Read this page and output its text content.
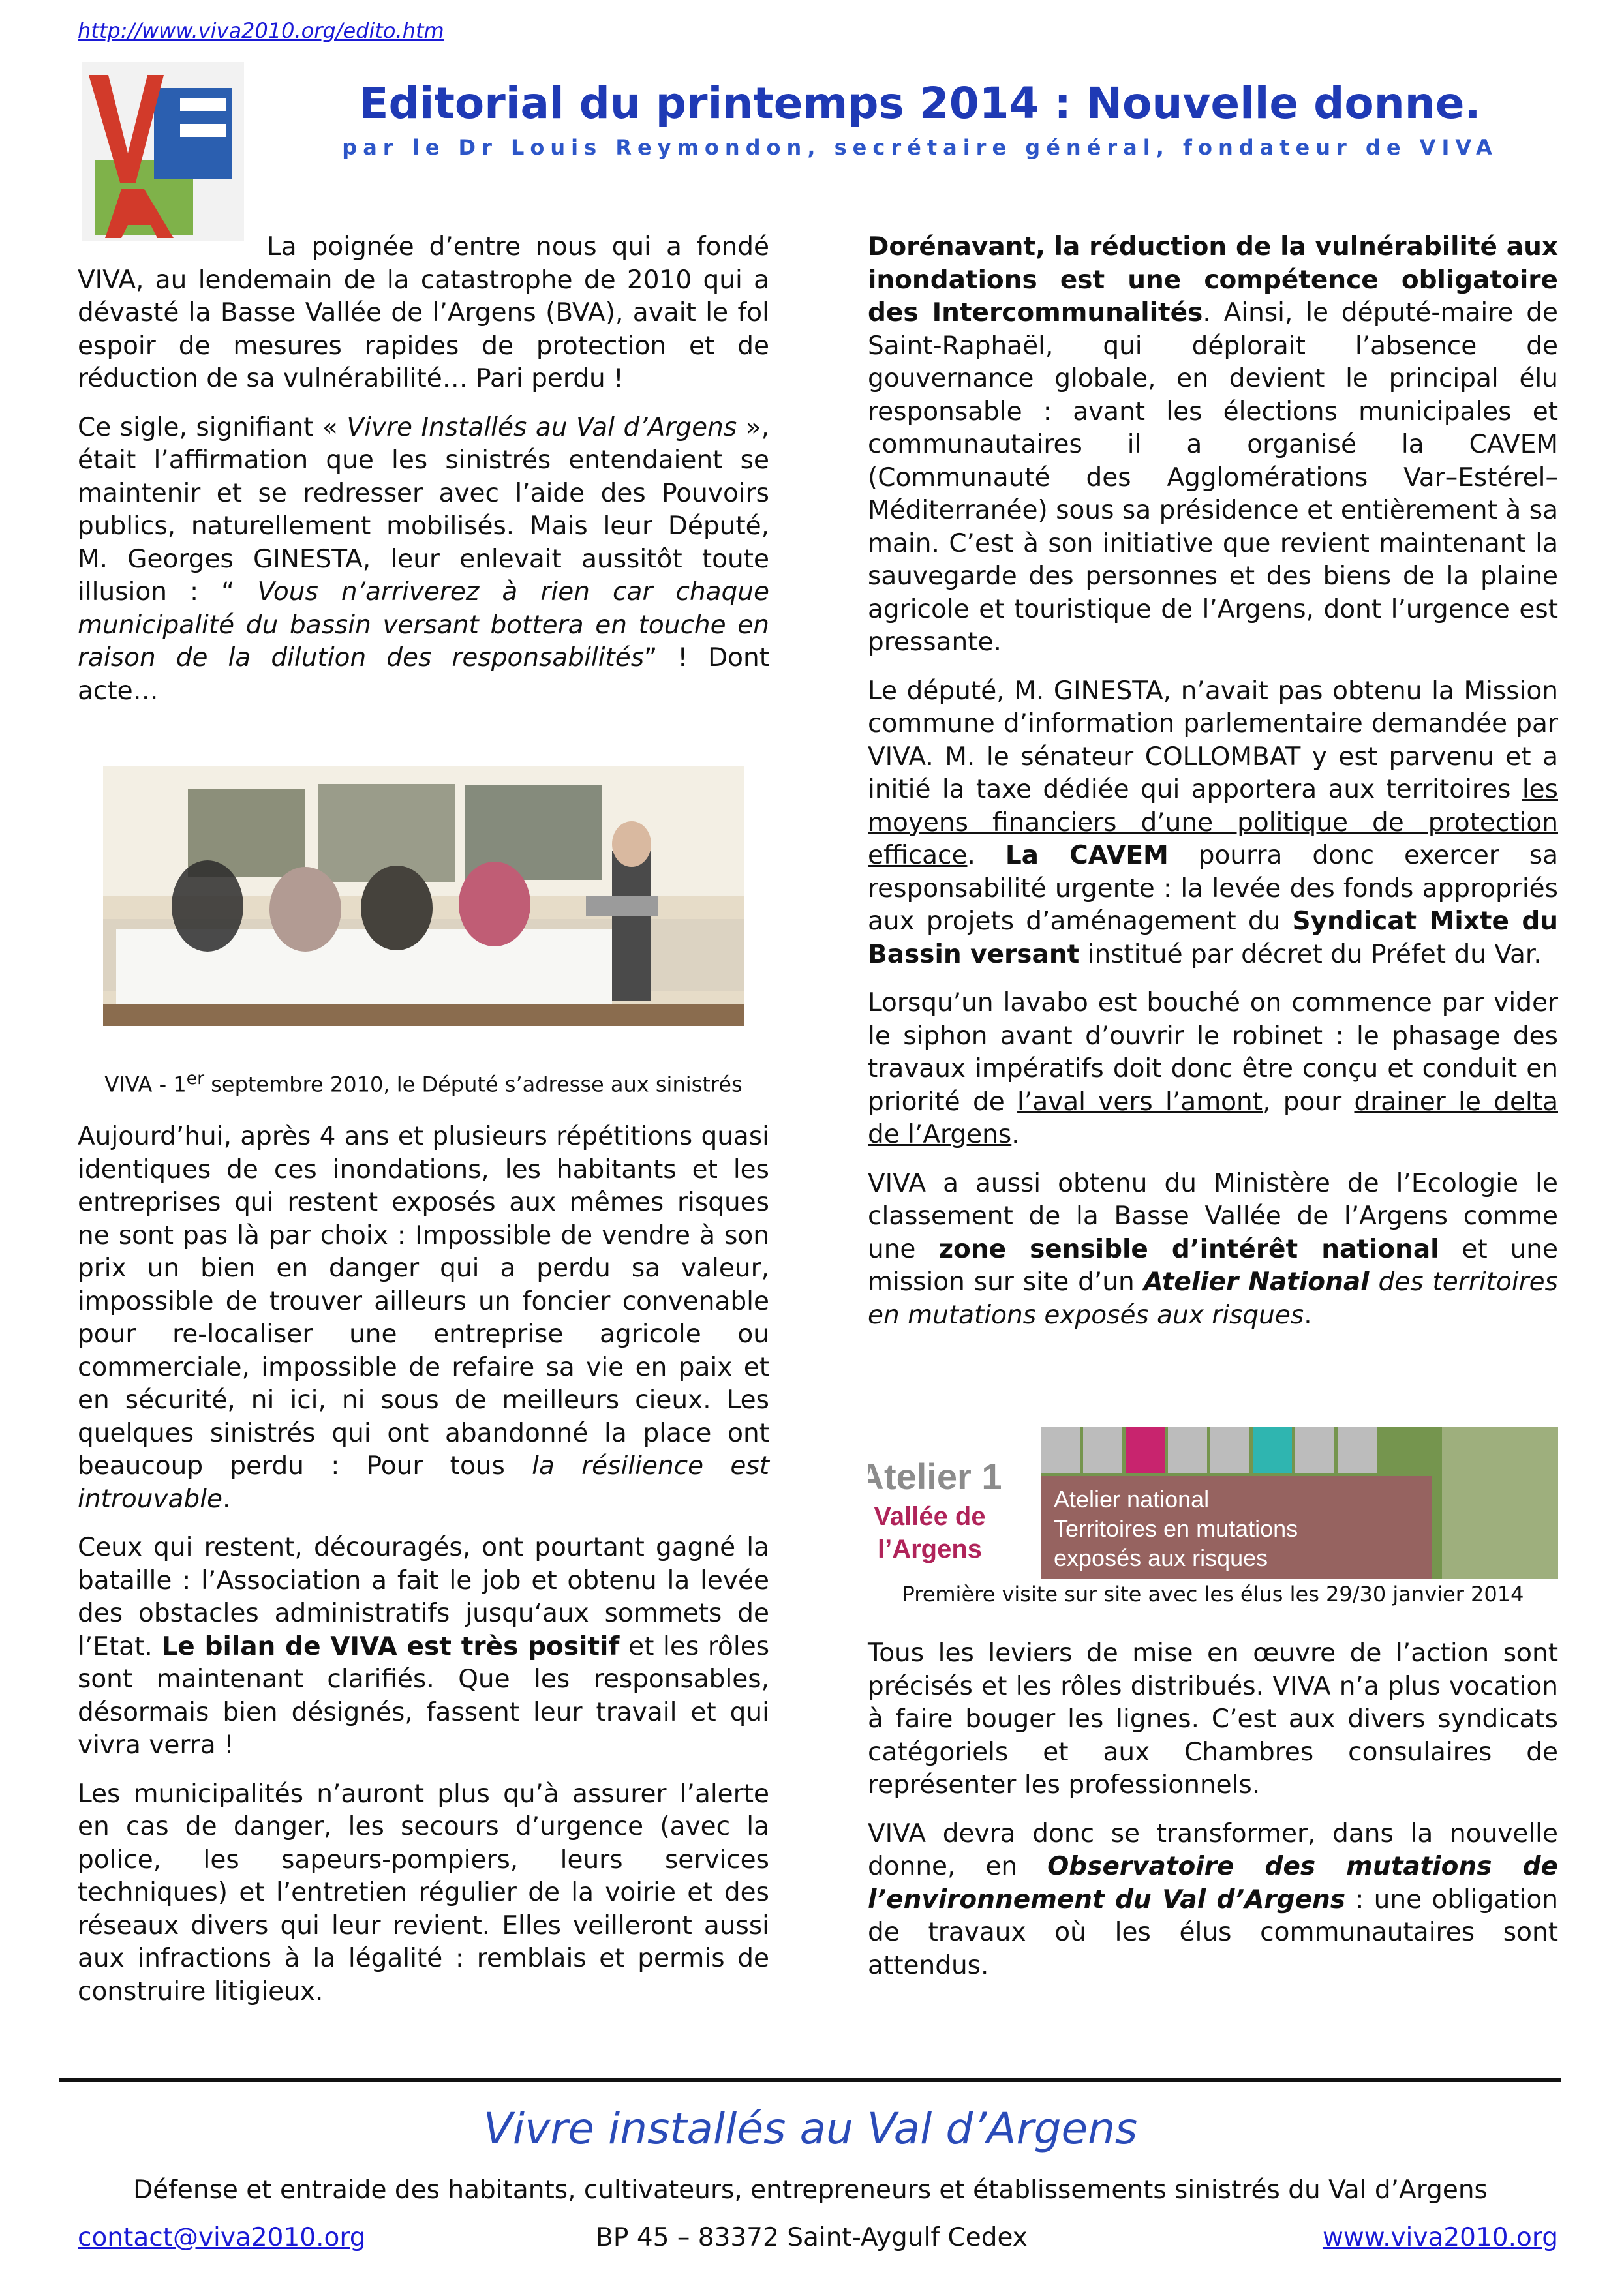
http://www.viva2010.org/edito.htm
Editorial du printemps 2014 : Nouvelle donne.
par le Dr Louis Reymondon, secrétaire général, fondateur de VIVA

La poignée d’entre nous qui a fondé VIVA, au lendemain de la catastrophe de 2010 qui a dévasté la Basse Vallée de l’Argens (BVA), avait le fol espoir de mesures rapides de protection et de réduction de sa vulnérabilité… Pari perdu !

Ce sigle, signifiant « Vivre Installés au Val d’Argens », était l’affirmation que les sinistrés entendaient se maintenir et se redresser avec l’aide des Pouvoirs publics, naturellement mobilisés. Mais leur Député, M. Georges GINESTA, leur enlevait aussitôt toute illusion : “ Vous n’arriverez à rien car chaque municipalité du bassin versant bottera en touche en raison de la dilution des responsabilités” ! Dont acte…

VIVA - 1er septembre 2010, le Député s’adresse aux sinistrés

Aujourd’hui, après 4 ans et plusieurs répétitions quasi identiques de ces inondations, les habitants et les entreprises qui restent exposés aux mêmes risques ne sont pas là par choix : Impossible de vendre à son prix un bien en danger qui a perdu sa valeur, impossible de trouver ailleurs un foncier convenable pour re-localiser une entreprise agricole ou commerciale, impossible de refaire sa vie en paix et en sécurité, ni ici, ni sous de meilleurs cieux. Les quelques sinistrés qui ont abandonné la place ont beaucoup perdu : Pour tous la résilience est introuvable.

Ceux qui restent, découragés, ont pourtant gagné la bataille : l’Association a fait le job et obtenu la levée des obstacles administratifs jusqu‘aux sommets de l’Etat. Le bilan de VIVA est très positif et les rôles sont maintenant clarifiés. Que les responsables, désormais bien désignés, fassent leur travail et qui vivra verra !

Les municipalités n’auront plus qu’à assurer l’alerte en cas de danger, les secours d’urgence (avec la police, les sapeurs-pompiers, leurs services techniques) et l’entretien régulier de la voirie et des réseaux divers qui leur revient. Elles veilleront aussi aux infractions à la légalité : remblais et permis de construire litigieux.

Dorénavant, la réduction de la vulnérabilité aux inondations est une compétence obligatoire des Intercommunalités. Ainsi, le député-maire de Saint-Raphaël, qui déplorait l’absence de gouvernance globale, en devient le principal élu responsable : avant les élections municipales et communautaires il a organisé la CAVEM (Communauté des Agglomérations Var–Estérel–Méditerranée) sous sa présidence et entièrement à sa main. C’est à son initiative que revient maintenant la sauvegarde des personnes et des biens de la plaine agricole et touristique de l’Argens, dont l’urgence est pressante.

Le député, M. GINESTA, n’avait pas obtenu la Mission commune d’information parlementaire demandée par VIVA. M. le sénateur COLLOMBAT y est parvenu et a initié la taxe dédiée qui apportera aux territoires les moyens financiers d’une politique de protection efficace. La CAVEM pourra donc exercer sa responsabilité urgente : la levée des fonds appropriés aux projets d’aménagement du Syndicat Mixte du Bassin versant institué par décret du Préfet du Var.

Lorsqu’un lavabo est bouché on commence par vider le siphon avant d’ouvrir le robinet : le phasage des travaux impératifs doit donc être conçu et conduit en priorité de l’aval vers l’amont, pour drainer le delta de l’Argens.

VIVA a aussi obtenu du Ministère de l’Ecologie le classement de la Basse Vallée de l’Argens comme une zone sensible d’intérêt national et une mission sur site d’un Atelier National des territoires en mutations exposés aux risques.

Atelier 1
Vallée de
l’Argens
Atelier national
Territoires en mutations
exposés aux risques
Première visite sur site avec les élus les 29/30 janvier 2014

Tous les leviers de mise en œuvre de l’action sont précisés et les rôles distribués. VIVA n’a plus vocation à faire bouger les lignes. C’est aux divers syndicats catégoriels et aux Chambres consulaires de représenter les professionnels.

VIVA devra donc se transformer, dans la nouvelle donne, en Observatoire des mutations de l’environnement du Val d’Argens : une obligation de travaux où les élus communautaires sont attendus.

Vivre installés au Val d’Argens
Défense et entraide des habitants, cultivateurs, entrepreneurs et établissements sinistrés du Val d’Argens
contact@viva2010.org	BP 45 – 83372 Saint-Aygulf Cedex	www.viva2010.org
